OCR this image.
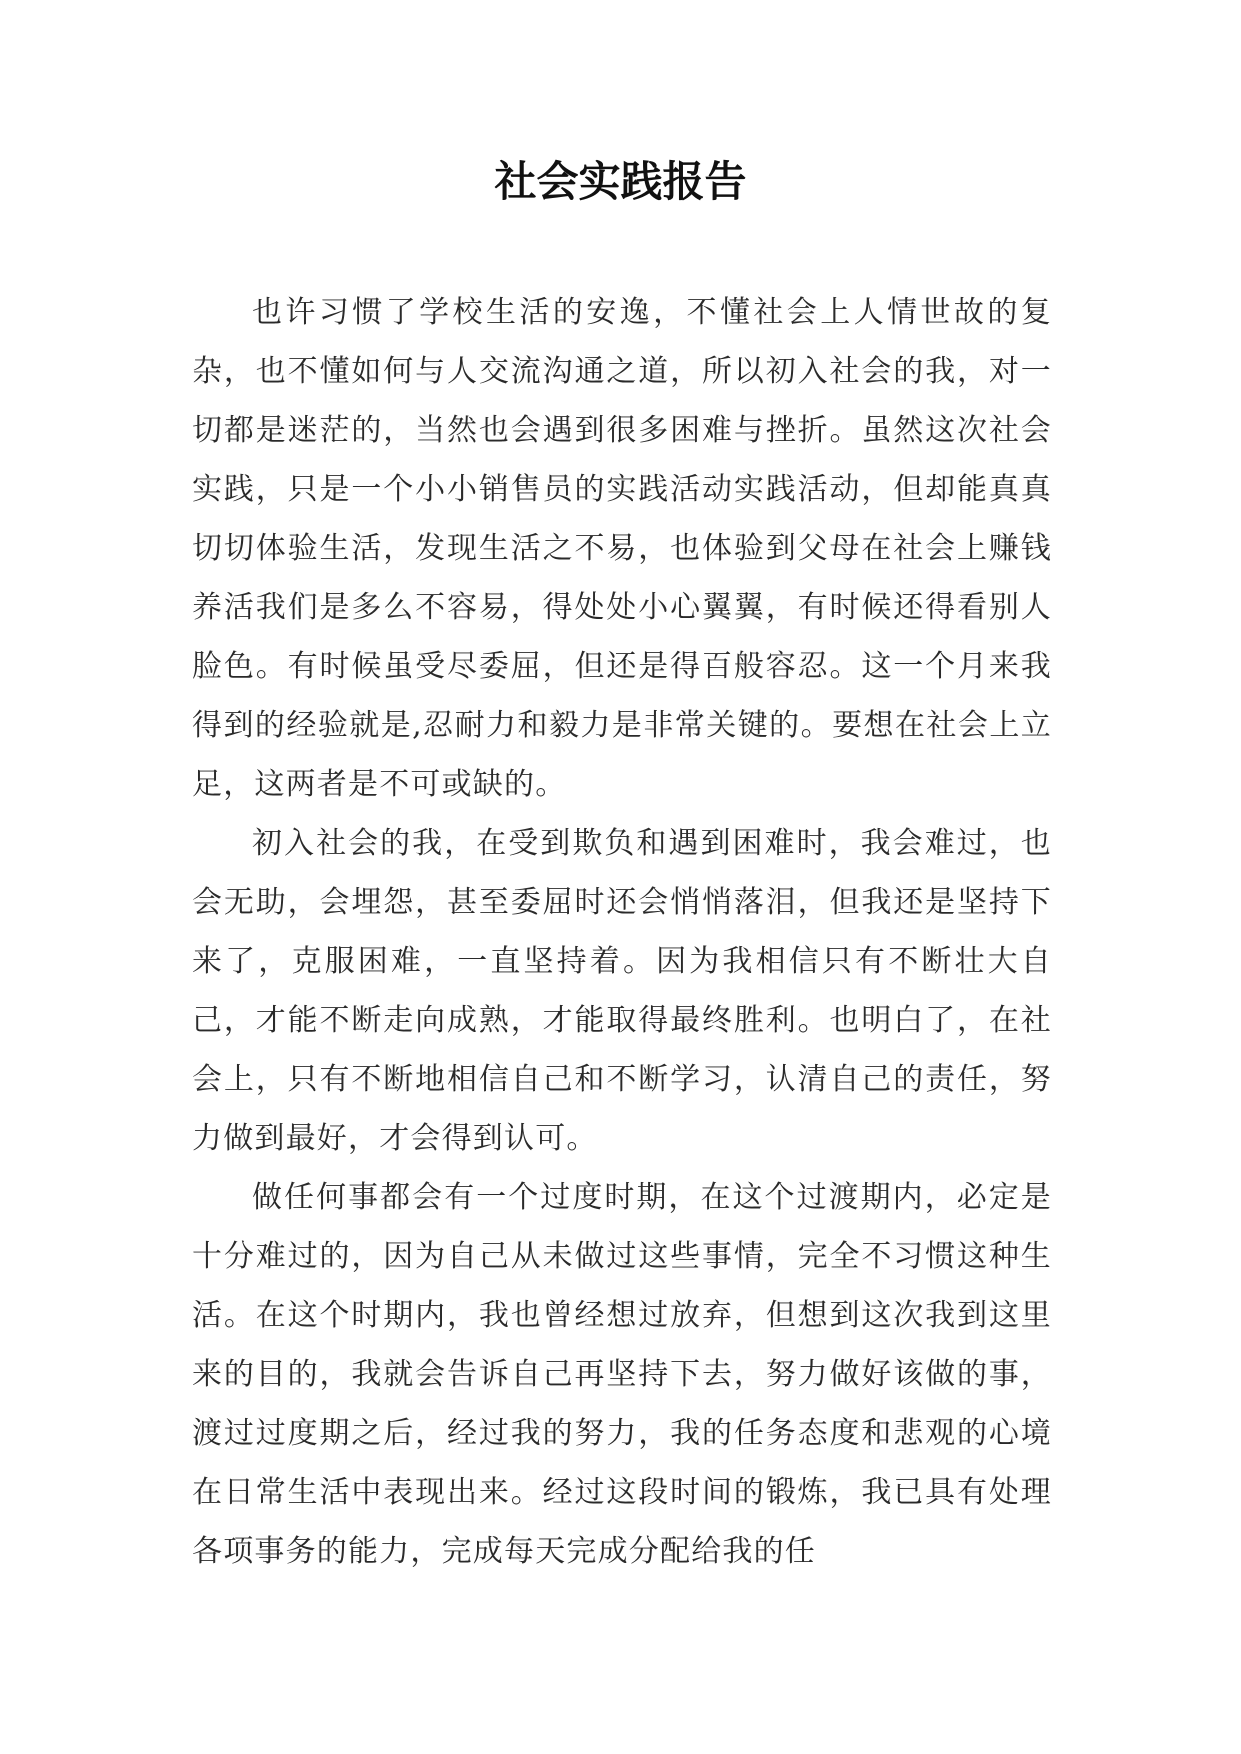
社会实践报告

也许习惯了学校生活的安逸，不懂社会上人情世故的复杂，也不懂如何与人交流沟通之道，所以初入社会的我，对一切都是迷茫的，当然也会遇到很多困难与挫折。虽然这次社会实践，只是一个小小销售员的实践活动实践活动，但却能真真切切体验生活，发现生活之不易，也体验到父母在社会上赚钱养活我们是多么不容易，得处处小心翼翼，有时候还得看别人脸色。有时候虽受尽委屈，但还是得百般容忍。这一个月来我得到的经验就是,忍耐力和毅力是非常关键的。要想在社会上立足，这两者是不可或缺的。

初入社会的我，在受到欺负和遇到困难时，我会难过，也会无助，会埋怨，甚至委屈时还会悄悄落泪，但我还是坚持下来了，克服困难，一直坚持着。因为我相信只有不断壮大自己，才能不断走向成熟，才能取得最终胜利。也明白了，在社会上，只有不断地相信自己和不断学习，认清自己的责任，努力做到最好，才会得到认可。

做任何事都会有一个过度时期，在这个过渡期内，必定是十分难过的，因为自己从未做过这些事情，完全不习惯这种生活。在这个时期内，我也曾经想过放弃，但想到这次我到这里来的目的，我就会告诉自己再坚持下去，努力做好该做的事，渡过过度期之后，经过我的努力，我的任务态度和悲观的心境在日常生活中表现出来。经过这段时间的锻炼，我已具有处理各项事务的能力，完成每天完成分配给我的任
